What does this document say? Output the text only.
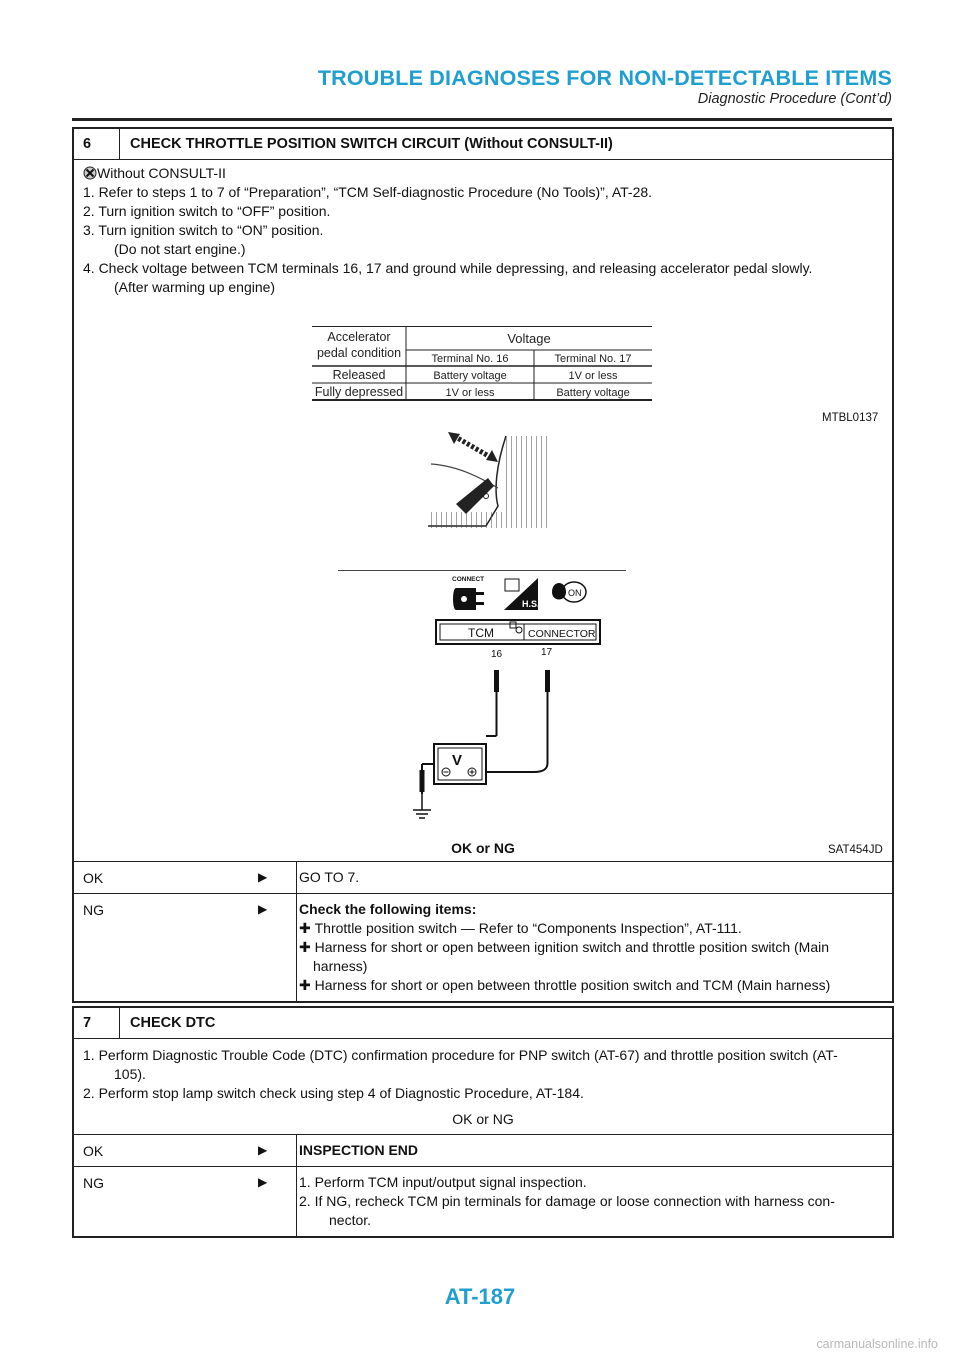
TROUBLE DIAGNOSES FOR NON-DETECTABLE ITEMS
Diagnostic Procedure (Cont’d)
6	CHECK THROTTLE POSITION SWITCH CIRCUIT (Without CONSULT-II)

Without CONSULT-II

1. Refer to steps 1 to 7 of “Preparation”, “TCM Self-diagnostic Procedure (No Tools)”, AT-28.

2. Turn ignition switch to “OFF” position.

3. Turn ignition switch to “ON” position.

(Do not start engine.)

4. Check voltage between TCM terminals 16, 17 and ground while depressing, and releasing accelerator pedal slowly.

(After warming up engine)

Accelerator
pedal condition
Voltage
Terminal No. 16	Terminal No. 17
Released	Battery voltage	1V or less
Fully depressed	1V or less	Battery voltage
MTBL0137
CONNECT
H.S.
ON
TCM	CONNECTOR
16	17
V
SAT454JD
OK or NG
OK	▶ GO TO 7.
NG	▶ Check the following items:
✚ Throttle position switch — Refer to “Components Inspection”, AT-111.
✚ Harness for short or open between ignition switch and throttle position switch (Main
harness)
✚ Harness for short or open between throttle position switch and TCM (Main harness)
7	CHECK DTC

1. Perform Diagnostic Trouble Code (DTC) confirmation procedure for PNP switch (AT-67) and throttle position switch (AT-

105).

2. Perform stop lamp switch check using step 4 of Diagnostic Procedure, AT-184.

OK or NG

OK	▶ INSPECTION END
NG	▶ 1. Perform TCM input/output signal inspection.
2. If NG, recheck TCM pin terminals for damage or loose connection with harness con-
nector.
AT-187
carmanualsonline.info
